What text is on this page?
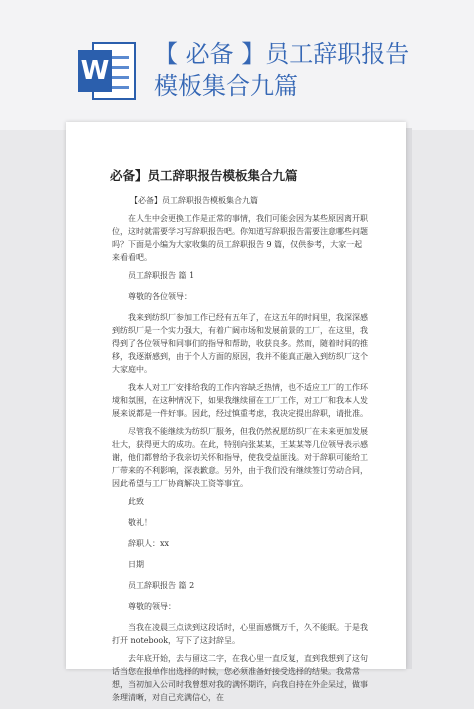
W
【 必备 】员工辞职报告
模板集合九篇
必备】员工辞职报告模板集合九篇

【必备】员工辞职报告模板集合九篇

在人生中会更换工作是正常的事情，我们可能会因为某些原因离开职位，这时就需要学习写辞职报告吧。你知道写辞职报告需要注意哪些问题吗？下面是小编为大家收集的员工辞职报告 9 篇，仅供参考，大家一起来看看吧。

员工辞职报告 篇 1

尊敬的各位领导：

我来到纺织厂参加工作已经有五年了，在这五年的时间里，我深深感到纺织厂是一个实力强大，有着广阔市场和发展前景的工厂，在这里，我得到了各位领导和同事们的指导和帮助，收获良多。然而，随着时间的推移，我逐渐感到，由于个人方面的原因，我并不能真正融入到纺织厂这个大家庭中。

我本人对工厂安排给我的工作内容缺乏热情，也不适应工厂的工作环境和氛围，在这种情况下，如果我继续留在工厂工作，对工厂和我本人发展来说都是一件好事。因此，经过慎重考虑，我决定提出辞职，请批准。

尽管我不能继续为纺织厂服务，但我仍然祝愿纺织厂在未来更加发展壮大，获得更大的成功。在此，特别向张某某，王某某等几位领导表示感谢，他们都曾给予我亲切关怀和指导，使我受益匪浅。对于辞职可能给工厂带来的不利影响，深表歉意。另外，由于我们没有继续签订劳动合同，因此希望与工厂协商解决工资等事宜。

此致

敬礼！

辞职人：xx

日期

员工辞职报告 篇 2

尊敬的领导：

当我在凌晨三点读到这段话时，心里面感慨万千，久不能眠。于是我打开 notebook，写下了这封辞呈。

去年底开始，去与留这二字，在我心里一直反复，直到我想到了这句话当您在报单作出选择的时候，您必须准备好接受选择的结果。我常常想，当初加入公司时我曾想对我的满怀期许，向我自持在外企呆过，做事条理清晰，对自己充满信心，在
